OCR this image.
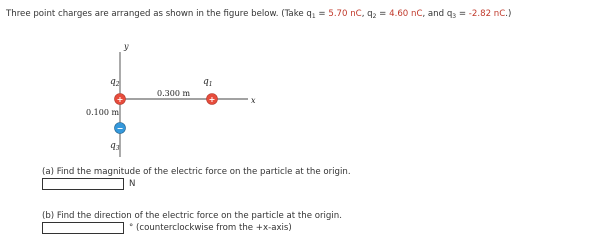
Three point charges are arranged as shown in the figure below. (Take $q_1 = 5.70$ nC, $q_2 = 4.60$ nC, and $q_3 = -2.82$ nC.)
y
x
$q_2$	$q_1$
$q_3$
0.300 m
0.100 m
+	+
−
(a) Find the magnitude of the electric force on the particle at the origin.
N
(b) Find the direction of the electric force on the particle at the origin.
° (counterclockwise from the +x-axis)
